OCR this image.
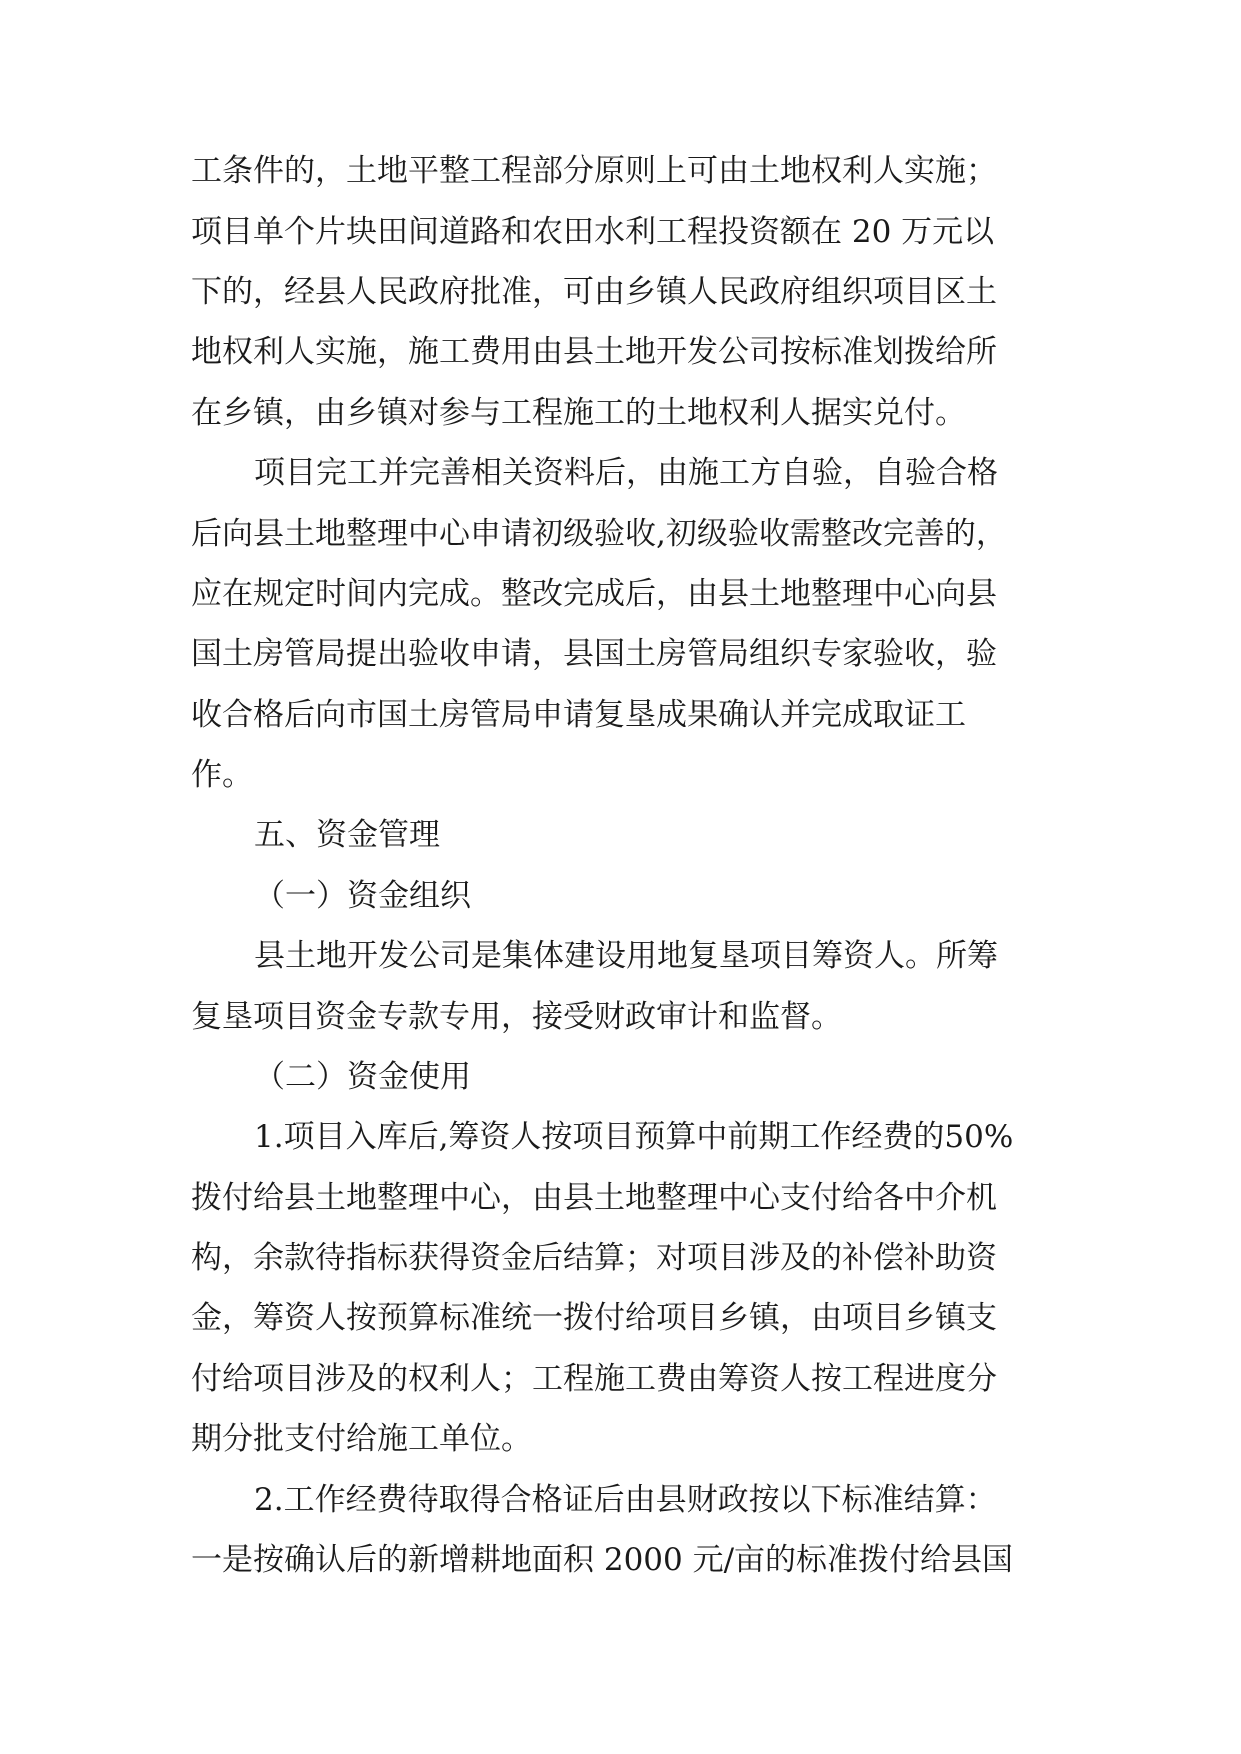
工条件的，土地平整工程部分原则上可由土地权利人实施；
项目单个片块田间道路和农田水利工程投资额在 20 万元以
下的，经县人民政府批准，可由乡镇人民政府组织项目区土
地权利人实施，施工费用由县土地开发公司按标准划拨给所
在乡镇，由乡镇对参与工程施工的土地权利人据实兑付。
项目完工并完善相关资料后，由施工方自验，自验合格
后向县土地整理中心申请初级验收,初级验收需整改完善的，
应在规定时间内完成。整改完成后，由县土地整理中心向县
国土房管局提出验收申请，县国土房管局组织专家验收，验
收合格后向市国土房管局申请复垦成果确认并完成取证工
作。
五、资金管理
（一）资金组织
县土地开发公司是集体建设用地复垦项目筹资人。所筹
复垦项目资金专款专用，接受财政审计和监督。
（二）资金使用
1.项目入库后,筹资人按项目预算中前期工作经费的50%
拨付给县土地整理中心，由县土地整理中心支付给各中介机
构，余款待指标获得资金后结算；对项目涉及的补偿补助资
金，筹资人按预算标准统一拨付给项目乡镇，由项目乡镇支
付给项目涉及的权利人；工程施工费由筹资人按工程进度分
期分批支付给施工单位。
2.工作经费待取得合格证后由县财政按以下标准结算：
一是按确认后的新增耕地面积 2000 元/亩的标准拨付给县国
